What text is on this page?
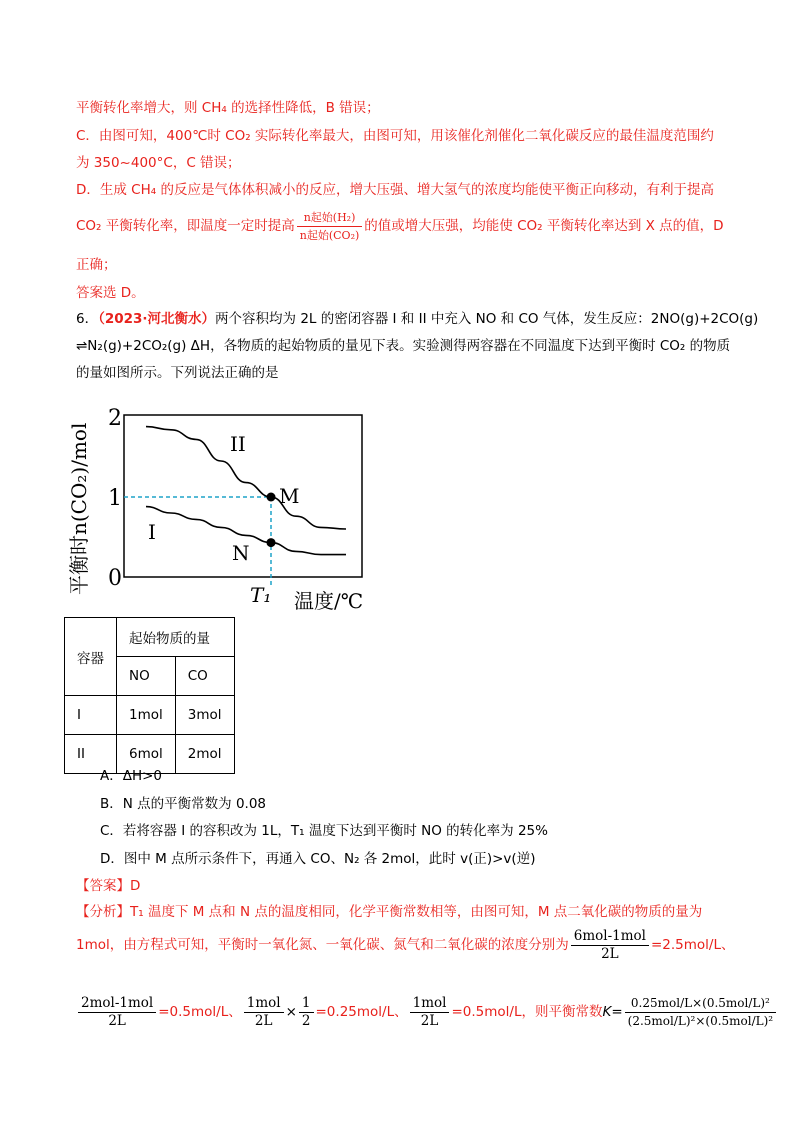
平衡转化率增大，则 CH₄ 的选择性降低，B 错误；
C．由图可知，400℃时 CO₂ 实际转化率最大，由图可知，用该催化剂催化二氧化碳反应的最佳温度范围约
为 350~400°C，C 错误；
D．生成 CH₄ 的反应是气体体积减小的反应，增大压强、增大氢气的浓度均能使平衡正向移动，有利于提高
CO₂ 平衡转化率，即温度一定时提高 $\frac{\text{n起始(H₂)}}{\text{n起始(CO₂)}}$ 的值或增大压强，均能使 CO₂ 平衡转化率达到 X 点的值，D
正确；
答案选 D。
6．（2023·河北衡水）两个容积均为 2L 的密闭容器 I 和 II 中充入 NO 和 CO 气体，发生反应：2NO(g)+2CO(g)
⇌N₂(g)+2CO₂(g) ΔH，各物质的起始物质的量见下表。实验测得两容器在不同温度下达到平衡时 CO₂ 的物质
的量如图所示。下列说法正确的是
2
1
0
T₁ 温度/℃
平衡时n(CO₂)/mol	II
I
M
N
容器	起始物质的量	
	NO	CO
I	1mol	3mol
II	6mol	2mol
A．ΔH>0
B．N 点的平衡常数为 0.08
C．若将容器 I 的容积改为 1L，T₁ 温度下达到平衡时 NO 的转化率为 25%
D．图中 M 点所示条件下，再通入 CO、N₂ 各 2mol，此时 v(正)>v(逆)
【答案】D
【分析】T₁ 温度下 M 点和 N 点的温度相同，化学平衡常数相等，由图可知，M 点二氧化碳的物质的量为
1mol，由方程式可知，平衡时一氧化氮、一氧化碳、氮气和二氧化碳的浓度分别为 $\frac{\text{6mol-1mol}}{2L} =2.5mol/L$、
$\frac{\text{2mol-1mol}}{2L} =0.5mol/L$、 $\frac{\text{1mol}}{2L} \times \frac{1}{2} =0.25mol/L$、 $\frac{\text{1mol}}{2L} =0.5mol/L$，则平衡常数$K= \frac{\text{0.25mol/L×(0.5mol/L)²}}{\text{(2.5mol/L)²×(0.5mol/L)²}}$
